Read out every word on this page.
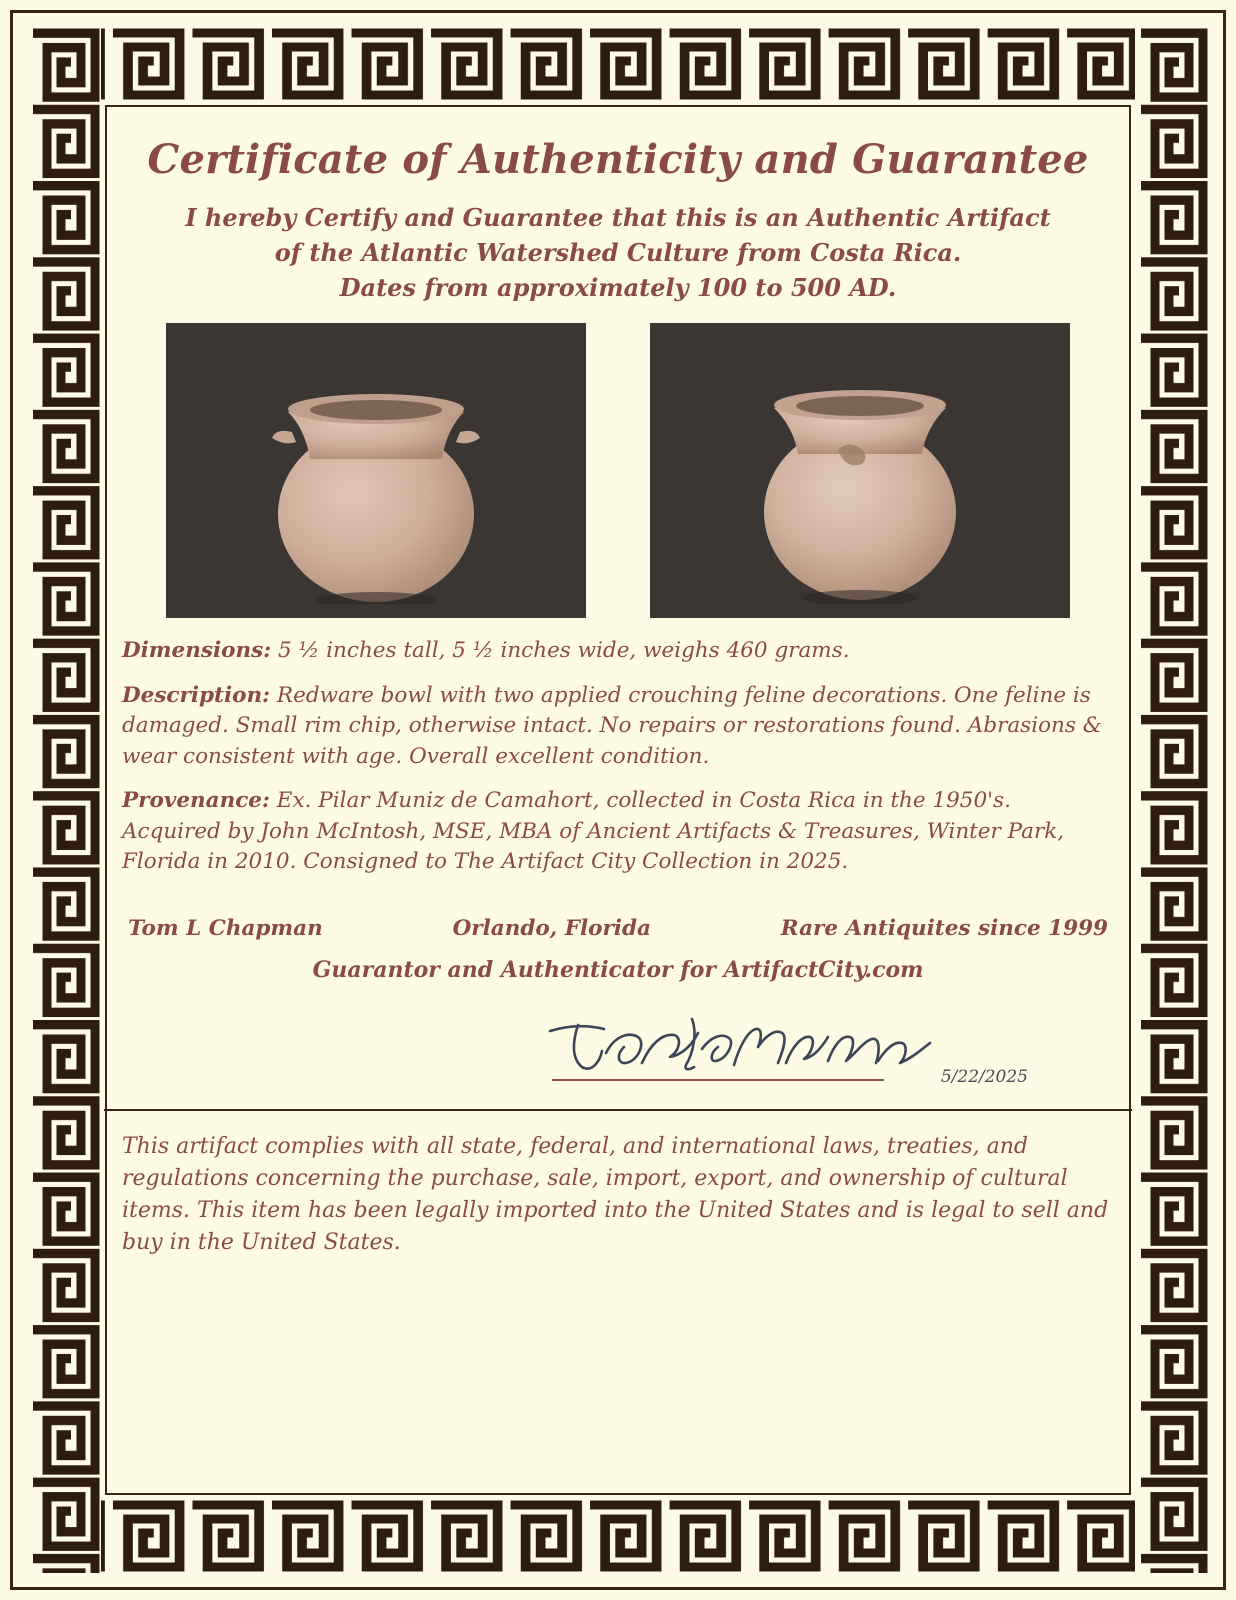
Certificate of Authenticity and Guarantee
I hereby Certify and Guarantee that this is an Authentic Artifact
of the Atlantic Watershed Culture from Costa Rica.
Dates from approximately 100 to 500 AD.

Dimensions: 5 ½ inches tall, 5 ½ inches wide, weighs 460 grams.

Description: Redware bowl with two applied crouching feline decorations. One feline is damaged. Small rim chip, otherwise intact. No repairs or restorations found. Abrasions & wear consistent with age. Overall excellent condition.

Provenance: Ex. Pilar Muniz de Camahort, collected in Costa Rica in the 1950's. Acquired by John McIntosh, MSE, MBA of Ancient Artifacts & Treasures, Winter Park, Florida in 2010. Consigned to The Artifact City Collection in 2025.

Tom L Chapman	Orlando, Florida	Rare Antiquites since 1999
Guarantor and Authenticator for ArtifactCity.com
5/22/2025
This artifact complies with all state, federal, and international laws, treaties, and regulations concerning the purchase, sale, import, export, and ownership of cultural items. This item has been legally imported into the United States and is legal to sell and buy in the United States.
